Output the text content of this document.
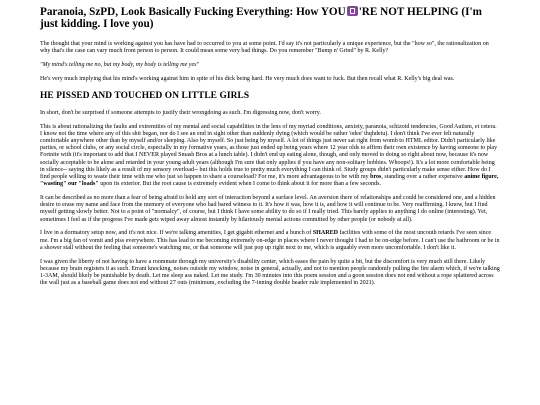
Paranoia, SzPD, Look Basically Fucking Everything: How YOU 'RE NOT HELPING (I'm just kidding. I love you)

The thought that your mind is working against you has have had to occurred to you at some point. I'd say it's not particularly a unique experience, but the "how so", the rationalization on why that's the case can vary much from person to person. It could mean some very bad things. Do you remember "Bump n' Grind" by R. Kelly?

"My mind's telling me no, but my body, my body is telling me yes"

He's very much implying that his mind's working against him in spite of his dick being hard. He very much does want to fuck. But then recall what R. Kelly's big deal was.

HE PISSED AND TOUCHED ON LITTLE GIRLS

In short, don't be surprised if someone attempts to justify their wrongdoing as such. I'm digressing now, don't worry.

This is about rationalizing the faults and extremities of my mental and social capabilities in the lens of my myriad conditions, anxiety, paranoia, schizoid tendencies, Good Autism, et cetera. I know not the time where any of this shit began, nor do I see an end in sight other than suddenly dying (which would be rather 'odee' thqhdeiu). I don't think I've ever felt naturally comfortable anywhere other than by myself and/or sleeping. Also by myself. So just being by myself. A lot of things just never sat right from womb to HTML editor. Didn't particularly like parties, or school clubs, or any social circle, especially in my formative years, as those just ended up being years where 12 year olds to affirm their own existence by having someone to play Fortnite with (it's important to add that I NEVER played Smash Bros at a lunch table). I didn't end up eating alone, though, and only moved to doing so right about now, because it's now socially acceptable to be alone and retarded in your young adult years (although I'm sure that only applies if you have any non-solitary hobbies. Whoops!). It's a lot more comfortable being in silence-- saying this likely as a result of my sensory overload-- but this holds true to pretty much everything I can think of. Study groups didn't particularly make sense either. How do I find people willing to waste their time with me who just so happen to share a courseload? For me, it's more advantageous to be with my bros, standing over a rather expensive anime figure, "wasting" our "loads" upon its exterior. But the root cause is extremely evident when I come to think about it for more than a few seconds.

It can be described as no more than a fear of being afraid to hold any sort of interaction beyond a surface level. An aversion there of relationships and could be considered one, and a hidden desire to erase my name and face from the memory of everyone who had bared witness to it. It's how it was, how it is, and how it will continue to be. Very reaffirming. I know, but I find myself getting slowly better. Not to a point of "normalcy", of course, but I think I have some ability to do so if I really tried. This barely applies to anything I do online (interesting). Yet, sometimes I feel as if the progress I've made gets wiped away almost instantly by hilariously menial actions committed by other people (or nobody at all).

I live in a dormatory setup now, and it's not nice. If we're talking amenities, I get gigabit ethernet and a bunch of SHARED facilities with some of the most uncouth retards I've seen since me. I'm a big fan of vomit and piss everywhere. This has lead to me becoming extremely on-edge in places where I never thought I had to be on-edge before. I can't use the bathroom or be in a shower stall without the feeling that someone's watching me, or that someone will just pop up right next to me, which is arguably even more uncomfortable. I don't like it.

I was given the liberty of not having to have a roommate through my university's disability center, which eases the pain by quite a bit, but the discomfort is very much still there. Likely because my brain registers it as such. Errant knocking, noises outside my window, noise in general, actually, and not to mention people randomly pulling the fire alarm which, if we're talking 1-3AM, should likely be punishable by death. Let me sleep ass naked. Let me study. I'm 30 minutes into this poem session and a goon session does not end without a rope splattered across the wall just as a baseball game does not end without 27 outs (minimum, excluding the 7-inning double header rule implemented in 2021).
